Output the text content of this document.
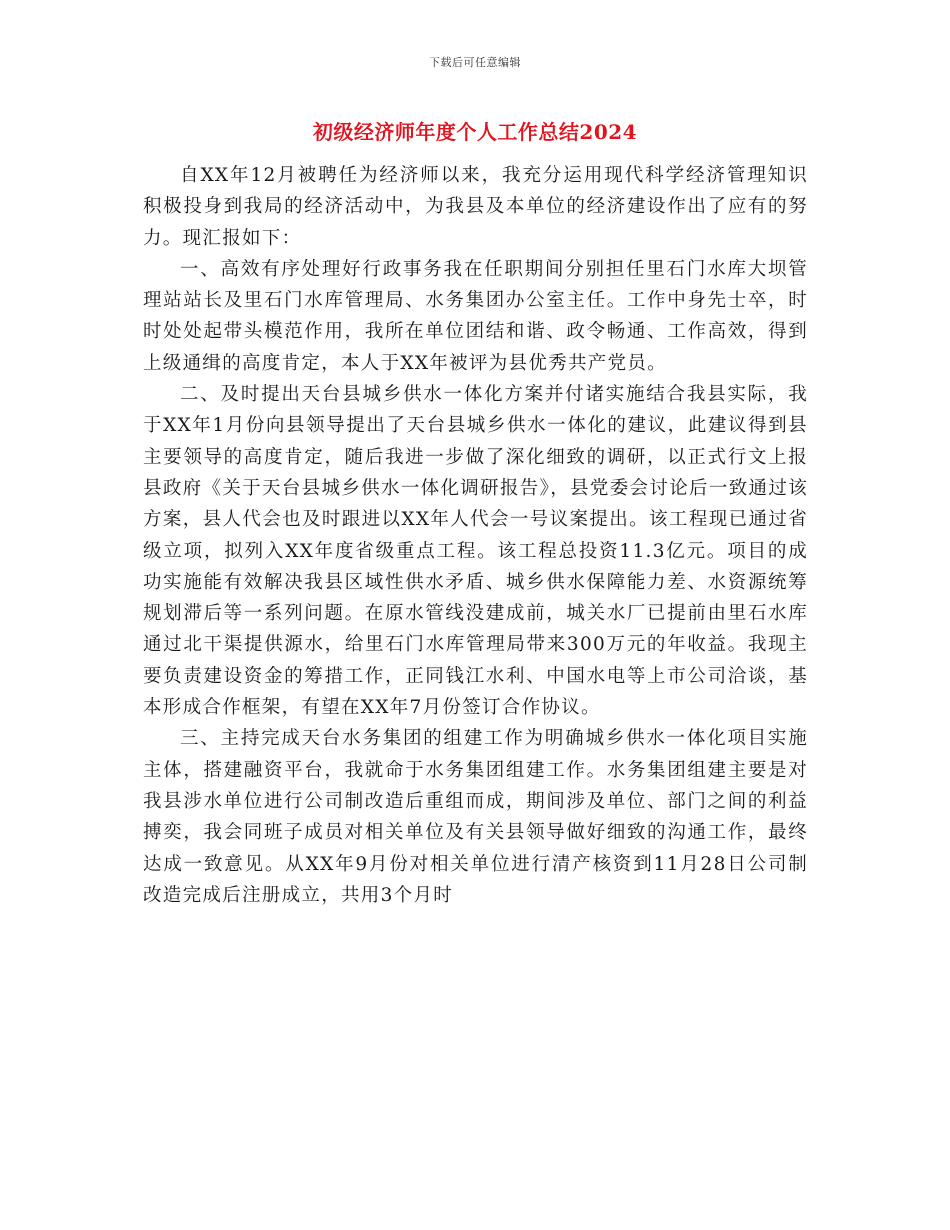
下载后可任意编辑
初级经济师年度个人工作总结2024

自XX年12月被聘任为经济师以来，我充分运用现代科学经济管理知识积极投身到我局的经济活动中，为我县及本单位的经济建设作出了应有的努力。现汇报如下：

一、高效有序处理好行政事务我在任职期间分别担任里石门水库大坝管理站站长及里石门水库管理局、水务集团办公室主任。工作中身先士卒，时时处处起带头模范作用，我所在单位团结和谐、政令畅通、工作高效，得到上级通缉的高度肯定，本人于XX年被评为县优秀共产党员。

二、及时提出天台县城乡供水一体化方案并付诸实施结合我县实际，我于XX年1月份向县领导提出了天台县城乡供水一体化的建议，此建议得到县主要领导的高度肯定，随后我进一步做了深化细致的调研，以正式行文上报县政府《关于天台县城乡供水一体化调研报告》，县党委会讨论后一致通过该方案，县人代会也及时跟进以XX年人代会一号议案提出。该工程现已通过省级立项，拟列入XX年度省级重点工程。该工程总投资11.3亿元。项目的成功实施能有效解决我县区域性供水矛盾、城乡供水保障能力差、水资源统筹规划滞后等一系列问题。在原水管线没建成前，城关水厂已提前由里石水库通过北干渠提供源水，给里石门水库管理局带来300万元的年收益。我现主要负责建设资金的筹措工作，正同钱江水利、中国水电等上市公司洽谈，基本形成合作框架，有望在XX年7月份签订合作协议。

三、主持完成天台水务集团的组建工作为明确城乡供水一体化项目实施主体，搭建融资平台，我就命于水务集团组建工作。水务集团组建主要是对我县涉水单位进行公司制改造后重组而成，期间涉及单位、部门之间的利益搏奕，我会同班子成员对相关单位及有关县领导做好细致的沟通工作，最终达成一致意见。从XX年9月份对相关单位进行清产核资到11月28日公司制改造完成后注册成立，共用3个月时
